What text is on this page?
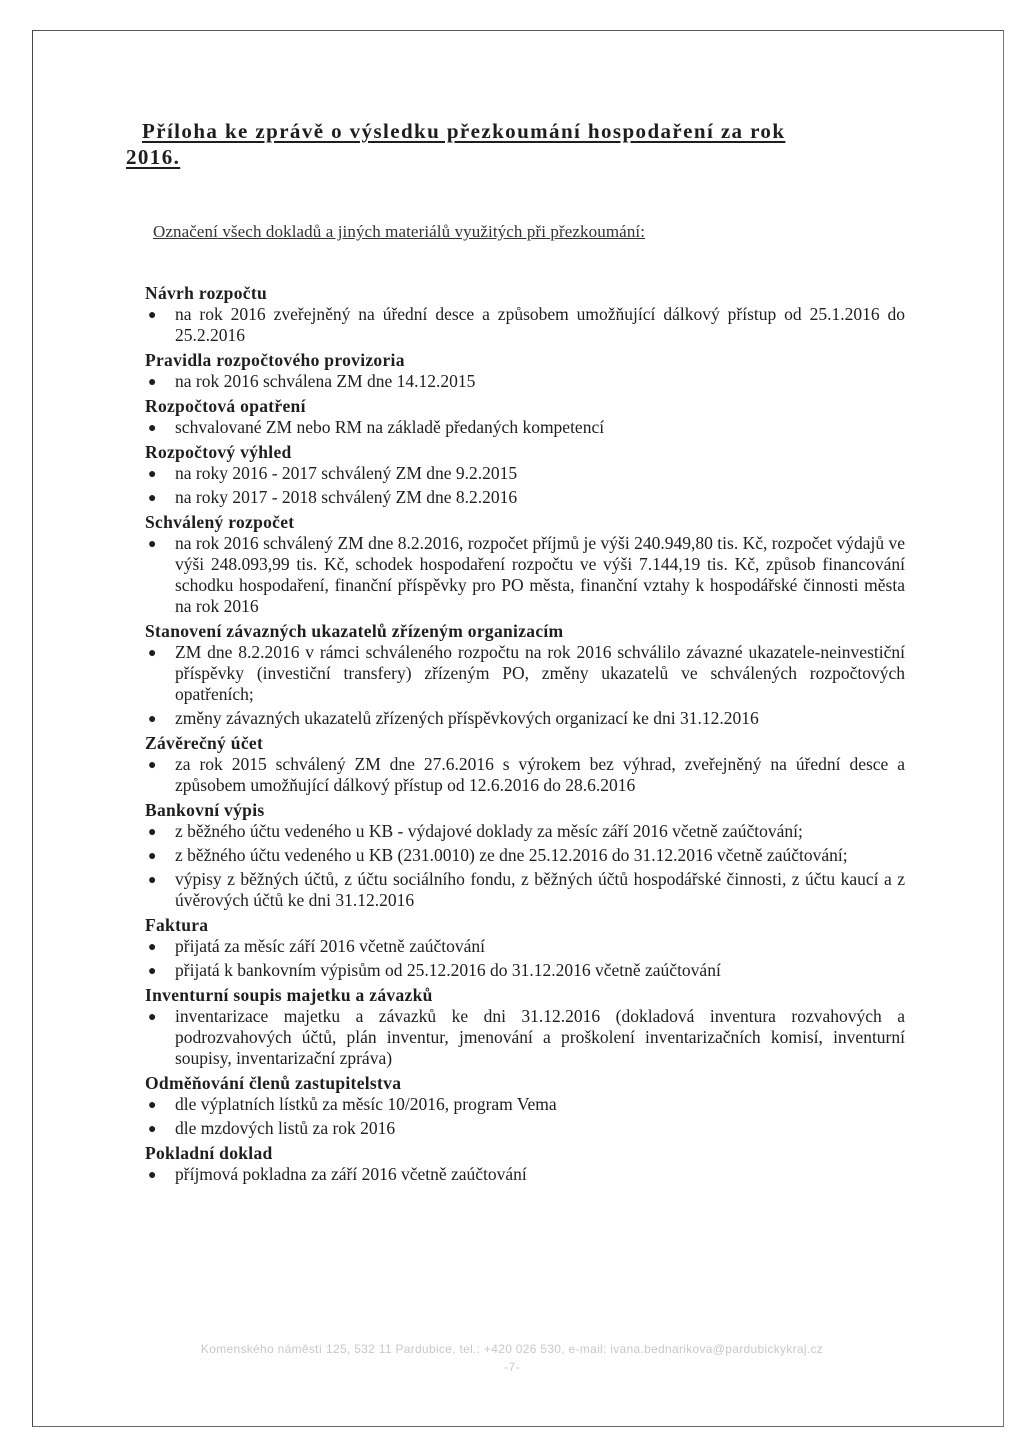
Příloha ke zprávě o výsledku přezkoumání hospodaření za rok
2016.
Označení všech dokladů a jiných materiálů využitých při přezkoumání:
Návrh rozpočtu
● na rok 2016 zveřejněný na úřední desce a způsobem umožňující dálkový přístup od 25.1.2016 do 25.2.2016
Pravidla rozpočtového provizoria
● na rok 2016 schválena ZM dne 14.12.2015
Rozpočtová opatření
● schvalované ZM nebo RM na základě předaných kompetencí
Rozpočtový výhled
● na roky 2016 - 2017 schválený ZM dne 9.2.2015
● na roky 2017 - 2018 schválený ZM dne 8.2.2016
Schválený rozpočet
● na rok 2016 schválený ZM dne 8.2.2016, rozpočet příjmů je výši 240.949,80 tis. Kč, rozpočet výdajů ve výši 248.093,99 tis. Kč, schodek hospodaření rozpočtu ve výši 7.144,19 tis. Kč, způsob financování schodku hospodaření, finanční příspěvky pro PO města, finanční vztahy k hospodářské činnosti města na rok 2016
Stanovení závazných ukazatelů zřízeným organizacím
● ZM dne 8.2.2016 v rámci schváleného rozpočtu na rok 2016 schválilo závazné ukazatele-neinvestiční příspěvky (investiční transfery) zřízeným PO, změny ukazatelů ve schválených rozpočtových opatřeních;
● změny závazných ukazatelů zřízených příspěvkových organizací ke dni 31.12.2016
Závěrečný účet
● za rok 2015 schválený ZM dne 27.6.2016 s výrokem bez výhrad, zveřejněný na úřední desce a způsobem umožňující dálkový přístup od 12.6.2016 do 28.6.2016
Bankovní výpis
● z běžného účtu vedeného u KB - výdajové doklady za měsíc září 2016 včetně zaúčtování;
● z běžného účtu vedeného u KB (231.0010) ze dne 25.12.2016 do 31.12.2016 včetně zaúčtování;
● výpisy z běžných účtů, z účtu sociálního fondu, z běžných účtů hospodářské činnosti, z účtu kaucí a z úvěrových účtů ke dni 31.12.2016
Faktura
● přijatá za měsíc září 2016 včetně zaúčtování
● přijatá k bankovním výpisům od 25.12.2016 do 31.12.2016 včetně zaúčtování
Inventurní soupis majetku a závazků
● inventarizace majetku a závazků ke dni 31.12.2016 (dokladová inventura rozvahových a podrozvahových účtů, plán inventur, jmenování a proškolení inventarizačních komisí, inventurní soupisy, inventarizační zpráva)
Odměňování členů zastupitelstva
● dle výplatních lístků za měsíc 10/2016, program Vema
● dle mzdových listů za rok 2016
Pokladní doklad
● příjmová pokladna za září 2016 včetně zaúčtování
Komenského náměstí 125, 532 11 Pardubice, tel.: +420 026 530, e-mail: ivana.bednarikova@pardubickykraj.cz
-7-
